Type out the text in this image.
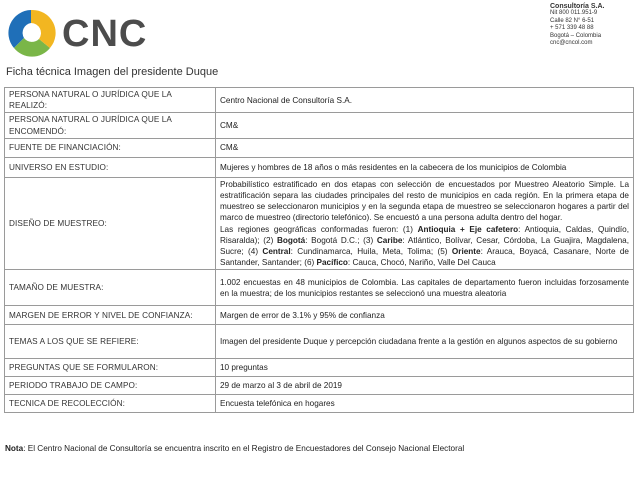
CNC
Consultoría S.A.
Nit 800 011.951-9
Calle 82 N° 6-51
+ 571 339 48 88
Bogotá – Colombia
cnc@cncol.com
Ficha técnica Imagen del presidente Duque
PERSONA NATURAL O JURÍDICA QUE LA REALIZÓ:	Centro Nacional de Consultoría S.A.
PERSONA NATURAL O JURÍDICA QUE LA ENCOMENDÓ:	CM&
FUENTE DE FINANCIACIÓN:	CM&
UNIVERSO EN ESTUDIO:	Mujeres y hombres de 18 años o más residentes en la cabecera de los municipios de Colombia
DISEÑO DE MUESTREO:	Probabilístico estratificado en dos etapas con selección de encuestados por Muestreo Aleatorio Simple. La estratificación separa las ciudades principales del resto de municipios en cada región. En la primera etapa de muestreo se seleccionaron municipios y en la segunda etapa de muestreo se seleccionaron hogares a partir del marco de muestreo (directorio telefónico). Se encuestó a una persona adulta dentro del hogar.
Las regiones geográficas conformadas fueron: (1) Antioquia + Eje cafetero: Antioquia, Caldas, Quindío, Risaralda); (2) Bogotá: Bogotá D.C.; (3) Caribe: Atlántico, Bolívar, Cesar, Córdoba, La Guajira, Magdalena, Sucre; (4) Central: Cundinamarca, Huila, Meta, Tolima; (5) Oriente: Arauca, Boyacá, Casanare, Norte de Santander, Santander; (6) Pacífico: Cauca, Chocó, Nariño, Valle Del Cauca

TAMAÑO DE MUESTRA:	1.002 encuestas en 48 municipios de Colombia. Las capitales de departamento fueron incluidas forzosamente en la muestra; de los municipios restantes se seleccionó una muestra aleatoria
MARGEN DE ERROR Y NIVEL DE CONFIANZA:	Margen de error de 3.1% y 95% de confianza
TEMAS A LOS QUE SE REFIERE:	Imagen del presidente Duque y percepción ciudadana frente a la gestión en algunos aspectos de su gobierno
PREGUNTAS QUE SE FORMULARON:	10 preguntas
PERIODO TRABAJO DE CAMPO:	29 de marzo al 3 de abril de 2019
TECNICA DE RECOLECCIÓN:	Encuesta telefónica en hogares
Nota: El Centro Nacional de Consultoría se encuentra inscrito en el Registro de Encuestadores del Consejo Nacional Electoral
